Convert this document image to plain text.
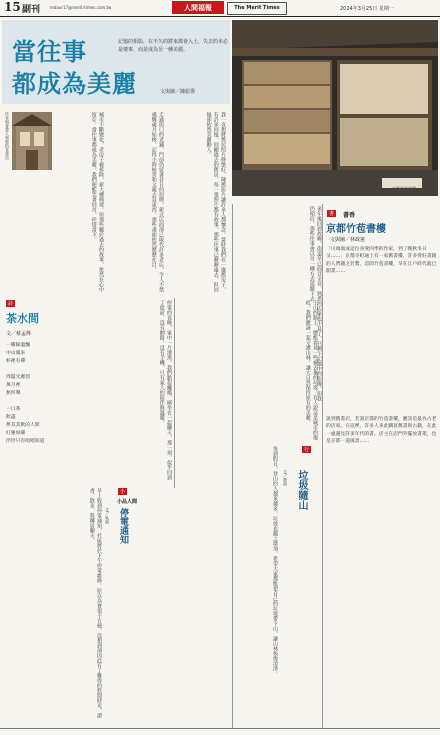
15 副刊 mdaur17@merit-times.com.tw	人間福報	The Merit Times	2024年3月25日 星期一
當往事
都成為美麗
記憶的相影，在不久的將來都會入土，失去的未必是壞事，而是成為另一種美麗。
文與圖／陳振譽
京都竹苞書樓
作者與愛書人聚集的老書店	我一直想將舊居照片修整好，陳舊影片讓許多人都懷念。當時我們在一處舊房子，有許多回憶。回顧過去的舊居，每一張照片都有故事，那些往事已漸漸遠去，但回憶卻依然美麗動人。
走過街口的老鋪，門前仍留著昔日的招牌，新式店面卻已取代許多老店，令人不禁感慨歲月如梭。記得小時候常和父親去買東西，那些畫面依然歷歷在目。
城市不斷變化，老房子被拆除，新大樓興建。但那些屬於過去的故事，依然在心中留存。當往事都成為美麗，我們便能笑著回首，珍惜當下。
多年後回到故鄉，街道早已面目全非，熟悉的店家也不見了，只剩下記憶中的影像。但我仍相信，那些往事會以另一種方式延續下去。
停電的夜晚，家中一片漆黑，我們點起蠟燭，圍坐在一起聊天。那一刻，似乎回到了從前，沒有網路，沒有手機，只有家人的陪伴與溫暖。
早上收到停電通知，社區將於下午停電維修。原以為會很不方便，沒想到卻因此有了難得的悠閒時光，讀書、散步、與鄰居聊天。
上山的路上，總能看見一些被丟棄的垃圾。有人說這是城市的傷痕，我們應該一起守護山林，讓大自然保持原有的美麗。
每到假日，登山的人越來越多，垃圾也隨之增加。希望大家都能把自己的垃圾帶下山，讓山林恢復清淨。
書	書香
京都竹苞書樓
文與圖／林政憲
「川端康成這位喜愛四季的作家，到了晚秋冬日又……」京都寺町通上有一家舊書樓，許多愛好書籍的人們趨之若鶩，這間竹苞書樓，早在江戶時代就已開業……
說到舊書店，若說京都的竹苞書樓，應該是最為古老的店家。在這裡，許多人來此購買舊書與古籍，在此一處遇見許多年代的書。店主在店門外擺放書架，也是京都一道風景……
詩
茶水間
文／蔡孟烽
一縷餘溫飄
中山鳳來
杯裡有禪

周隱光遲怨
萬月裡
無所聲

一口茶
飲盡
夢其其飲的人間
紅塵如縷
浮世只有唱唱知道
小
小品人間
停電通知
文／吳初
行
垃圾隨山
文／黃初
